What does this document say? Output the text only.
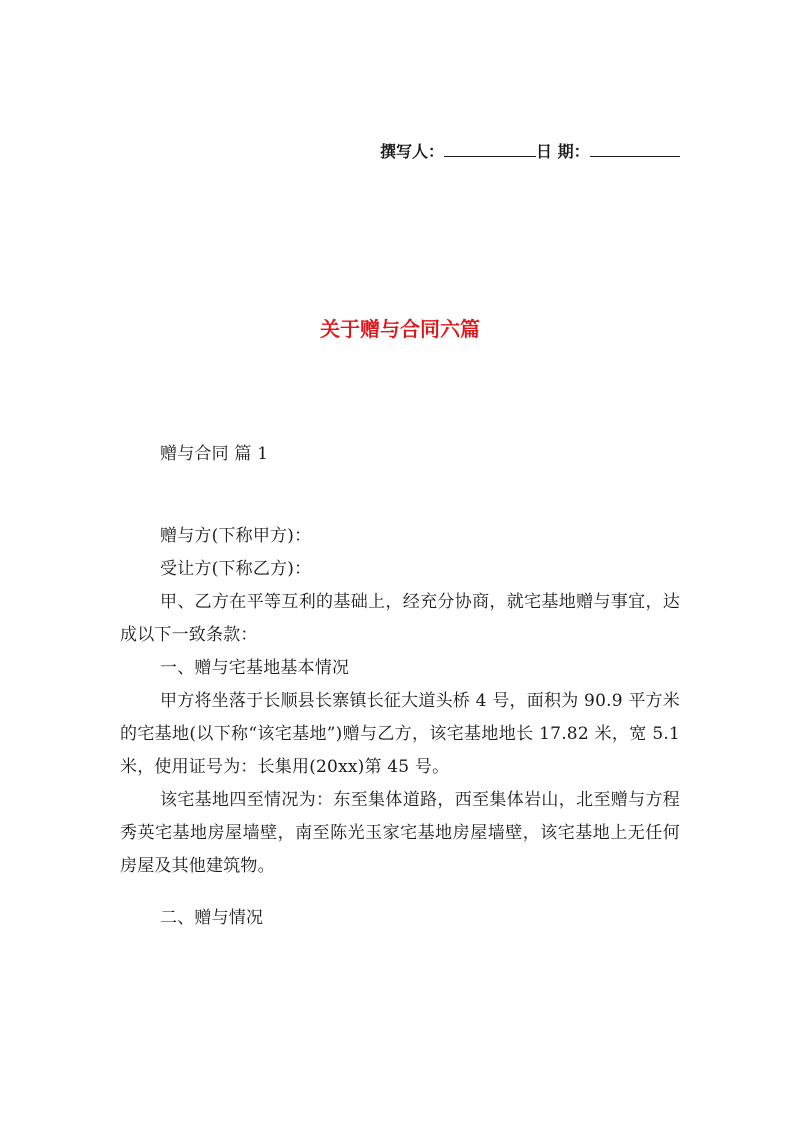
撰写人：	日 期：
关于赠与合同六篇

赠与合同 篇 1

赠与方(下称甲方)：

受让方(下称乙方)：

甲、乙方在平等互利的基础上，经充分协商，就宅基地赠与事宜，达成以下一致条款：

一、赠与宅基地基本情况

甲方将坐落于长顺县长寨镇长征大道头桥 4 号，面积为 90.9 平方米的宅基地(以下称“该宅基地”)赠与乙方，该宅基地地长 17.82 米，宽 5.1 米，使用证号为：长集用(20xx)第 45 号。

该宅基地四至情况为：东至集体道路，西至集体岩山，北至赠与方程秀英宅基地房屋墙壁，南至陈光玉家宅基地房屋墙壁，该宅基地上无任何房屋及其他建筑物。

二、赠与情况
